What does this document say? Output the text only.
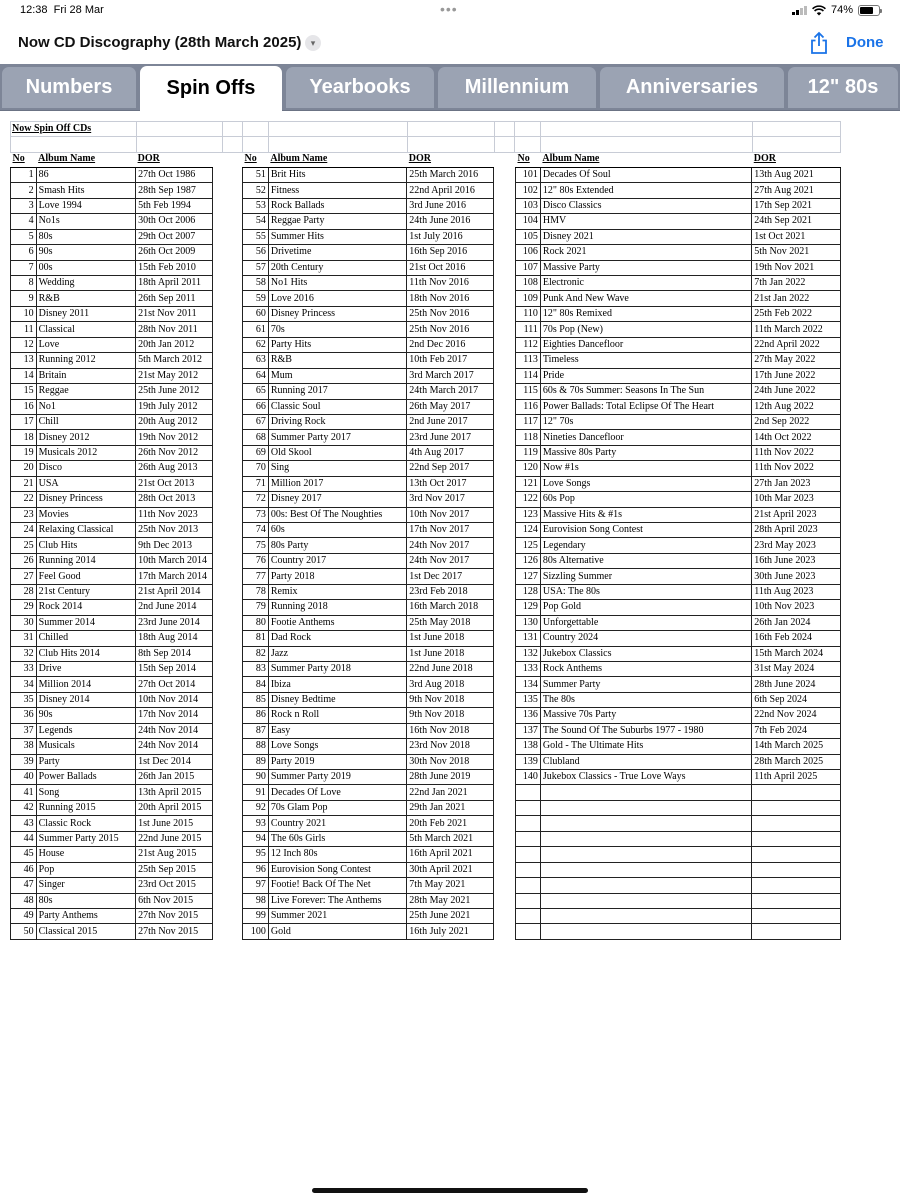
12:38 Fri 28 Mar	•••	74%
Now CD Discography (28th March 2025)	▾	Done
Numbers	Spin Offs	Yearbooks	Millennium	Anniversaries	12" 80s
Now Spin Off CDs
No	Album Name	DOR
1	86	27th Oct 1986
2	Smash Hits	28th Sep 1987
3	Love 1994	5th Feb 1994
4	No1s	30th Oct 2006
5	80s	29th Oct 2007
6	90s	26th Oct 2009
7	00s	15th Feb 2010
8	Wedding	18th April 2011
9	R&B	26th Sep 2011
10	Disney 2011	21st Nov 2011
11	Classical	28th Nov 2011
12	Love	20th Jan 2012
13	Running 2012	5th March 2012
14	Britain	21st May 2012
15	Reggae	25th June 2012
16	No1	19th July 2012
17	Chill	20th Aug 2012
18	Disney 2012	19th Nov 2012
19	Musicals 2012	26th Nov 2012
20	Disco	26th Aug 2013
21	USA	21st Oct 2013
22	Disney Princess	28th Oct 2013
23	Movies	11th Nov 2023
24	Relaxing Classical	25th Nov 2013
25	Club Hits	9th Dec 2013
26	Running 2014	10th March 2014
27	Feel Good	17th March 2014
28	21st Century	21st April 2014
29	Rock 2014	2nd June 2014
30	Summer 2014	23rd June 2014
31	Chilled	18th Aug 2014
32	Club Hits 2014	8th Sep 2014
33	Drive	15th Sep 2014
34	Million 2014	27th Oct 2014
35	Disney 2014	10th Nov 2014
36	90s	17th Nov 2014
37	Legends	24th Nov 2014
38	Musicals	24th Nov 2014
39	Party	1st Dec 2014
40	Power Ballads	26th Jan 2015
41	Song	13th April 2015
42	Running 2015	20th April 2015
43	Classic Rock	1st June 2015
44	Summer Party 2015	22nd June 2015
45	House	21st Aug 2015
46	Pop	25th Sep 2015
47	Singer	23rd Oct 2015
48	80s	6th Nov 2015
49	Party Anthems	27th Nov 2015
50	Classical 2015	27th Nov 2015
No	Album Name	DOR
51	Brit Hits	25th March 2016
52	Fitness	22nd April 2016
53	Rock Ballads	3rd June 2016
54	Reggae Party	24th June 2016
55	Summer Hits	1st July 2016
56	Drivetime	16th Sep 2016
57	20th Century	21st Oct 2016
58	No1 Hits	11th Nov 2016
59	Love 2016	18th Nov 2016
60	Disney Princess	25th Nov 2016
61	70s	25th Nov 2016
62	Party Hits	2nd Dec 2016
63	R&B	10th Feb 2017
64	Mum	3rd March 2017
65	Running 2017	24th March 2017
66	Classic Soul	26th May 2017
67	Driving Rock	2nd June 2017
68	Summer Party 2017	23rd June 2017
69	Old Skool	4th Aug 2017
70	Sing	22nd Sep 2017
71	Million 2017	13th Oct 2017
72	Disney 2017	3rd Nov 2017
73	00s: Best Of The Noughties	10th Nov 2017
74	60s	17th Nov 2017
75	80s Party	24th Nov 2017
76	Country 2017	24th Nov 2017
77	Party 2018	1st Dec 2017
78	Remix	23rd Feb 2018
79	Running 2018	16th March 2018
80	Footie Anthems	25th May 2018
81	Dad Rock	1st June 2018
82	Jazz	1st June 2018
83	Summer Party 2018	22nd June 2018
84	Ibiza	3rd Aug 2018
85	Disney Bedtime	9th Nov 2018
86	Rock n Roll	9th Nov 2018
87	Easy	16th Nov 2018
88	Love Songs	23rd Nov 2018
89	Party 2019	30th Nov 2018
90	Summer Party 2019	28th June 2019
91	Decades Of Love	22nd Jan 2021
92	70s Glam Pop	29th Jan 2021
93	Country 2021	20th Feb 2021
94	The 60s Girls	5th March 2021
95	12 Inch 80s	16th April 2021
96	Eurovision Song Contest	30th April 2021
97	Footie! Back Of The Net	7th May 2021
98	Live Forever: The Anthems	28th May 2021
99	Summer 2021	25th June 2021
100	Gold	16th July 2021
No	Album Name	DOR
101	Decades Of Soul	13th Aug 2021
102	12" 80s Extended	27th Aug 2021
103	Disco Classics	17th Sep 2021
104	HMV	24th Sep 2021
105	Disney 2021	1st Oct 2021
106	Rock 2021	5th Nov 2021
107	Massive Party	19th Nov 2021
108	Electronic	7th Jan 2022
109	Punk And New Wave	21st Jan 2022
110	12" 80s Remixed	25th Feb 2022
111	70s Pop (New)	11th March 2022
112	Eighties Dancefloor	22nd April 2022
113	Timeless	27th May 2022
114	Pride	17th June 2022
115	60s & 70s Summer: Seasons In The Sun	24th June 2022
116	Power Ballads: Total Eclipse Of The Heart	12th Aug 2022
117	12" 70s	2nd Sep 2022
118	Nineties Dancefloor	14th Oct 2022
119	Massive 80s Party	11th Nov 2022
120	Now #1s	11th Nov 2022
121	Love Songs	27th Jan 2023
122	60s Pop	10th Mar 2023
123	Massive Hits & #1s	21st April 2023
124	Eurovision Song Contest	28th April 2023
125	Legendary	23rd May 2023
126	80s Alternative	16th June 2023
127	Sizzling Summer	30th June 2023
128	USA: The 80s	11th Aug 2023
129	Pop Gold	10th Nov 2023
130	Unforgettable	26th Jan 2024
131	Country 2024	16th Feb 2024
132	Jukebox Classics	15th March 2024
133	Rock Anthems	31st May 2024
134	Summer Party	28th June 2024
135	The 80s	6th Sep 2024
136	Massive 70s Party	22nd Nov 2024
137	The Sound Of The Suburbs 1977 - 1980	7th Feb 2024
138	Gold - The Ultimate Hits	14th March 2025
139	Clubland	28th March 2025
140	Jukebox Classics - True Love Ways	11th April 2025
